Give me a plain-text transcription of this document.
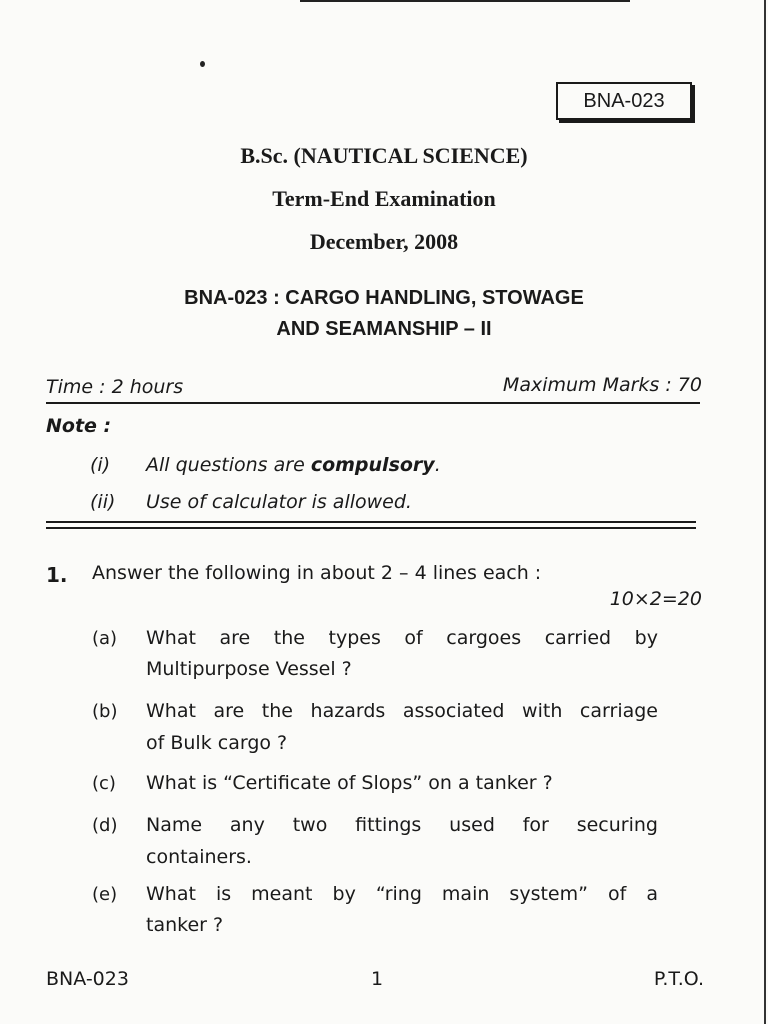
BNA-023
B.Sc. (NAUTICAL SCIENCE)
Term-End Examination
December, 2008
BNA-023 : CARGO HANDLING, STOWAGE
AND SEAMANSHIP – II
Time : 2 hours	Maximum Marks : 70
Note :
(i) All questions are compulsory.
(ii) Use of calculator is allowed.
1. Answer the following in about 2 – 4 lines each :
10×2=20
(a) What are the types of cargoes carried by
Multipurpose Vessel ?
(b) What are the hazards associated with carriage
of Bulk cargo ?
(c) What is “Certificate of Slops” on a tanker ?
(d) Name any two fittings used for securing
containers.
(e) What is meant by “ring main system” of a
tanker ?
BNA-023	1	P.T.O.
